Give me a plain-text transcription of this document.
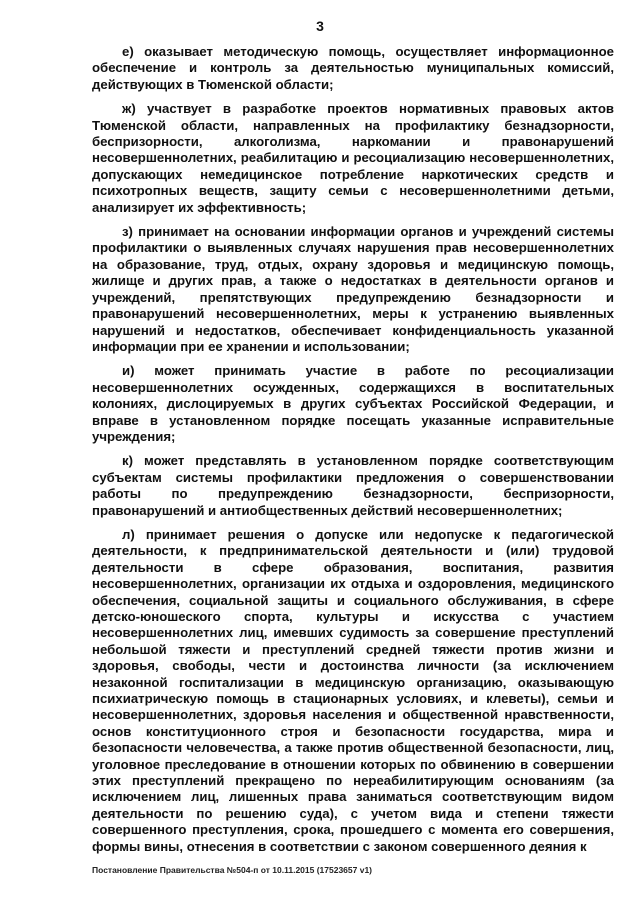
3

е) оказывает методическую помощь, осуществляет информационное обеспечение и контроль за деятельностью муниципальных комиссий, действующих в Тюменской области;

ж) участвует в разработке проектов нормативных правовых актов Тюменской области, направленных на профилактику безнадзорности, беспризорности, алкоголизма, наркомании и правонарушений несовершеннолетних, реабилитацию и ресоциализацию несовершеннолетних, допускающих немедицинское потребление наркотических средств и психотропных веществ, защиту семьи с несовершеннолетними детьми, анализирует их эффективность;

з) принимает на основании информации органов и учреждений системы профилактики о выявленных случаях нарушения прав несовершеннолетних на образование, труд, отдых, охрану здоровья и медицинскую помощь, жилище и других прав, а также о недостатках в деятельности органов и учреждений, препятствующих предупреждению безнадзорности и правонарушений несовершеннолетних, меры к устранению выявленных нарушений и недостатков, обеспечивает конфиденциальность указанной информации при ее хранении и использовании;

и) может принимать участие в работе по ресоциализации несовершеннолетних осужденных, содержащихся в воспитательных колониях, дислоцируемых в других субъектах Российской Федерации, и вправе в установленном порядке посещать указанные исправительные учреждения;

к) может представлять в установленном порядке соответствующим субъектам системы профилактики предложения о совершенствовании работы по предупреждению безнадзорности, беспризорности, правонарушений и антиобщественных действий несовершеннолетних;

л) принимает решения о допуске или недопуске к педагогической деятельности, к предпринимательской деятельности и (или) трудовой деятельности в сфере образования, воспитания, развития несовершеннолетних, организации их отдыха и оздоровления, медицинского обеспечения, социальной защиты и социального обслуживания, в сфере детско-юношеского спорта, культуры и искусства с участием несовершеннолетних лиц, имевших судимость за совершение преступлений небольшой тяжести и преступлений средней тяжести против жизни и здоровья, свободы, чести и достоинства личности (за исключением незаконной госпитализации в медицинскую организацию, оказывающую психиатрическую помощь в стационарных условиях, и клеветы), семьи и несовершеннолетних, здоровья населения и общественной нравственности, основ конституционного строя и безопасности государства, мира и безопасности человечества, а также против общественной безопасности, лиц, уголовное преследование в отношении которых по обвинению в совершении этих преступлений прекращено по нереабилитирующим основаниям (за исключением лиц, лишенных права заниматься соответствующим видом деятельности по решению суда), с учетом вида и степени тяжести совершенного преступления, срока, прошедшего с момента его совершения, формы вины, отнесения в соответствии с законом совершенного деяния к

Постановление Правительства №504-п от 10.11.2015 (17523657 v1)
